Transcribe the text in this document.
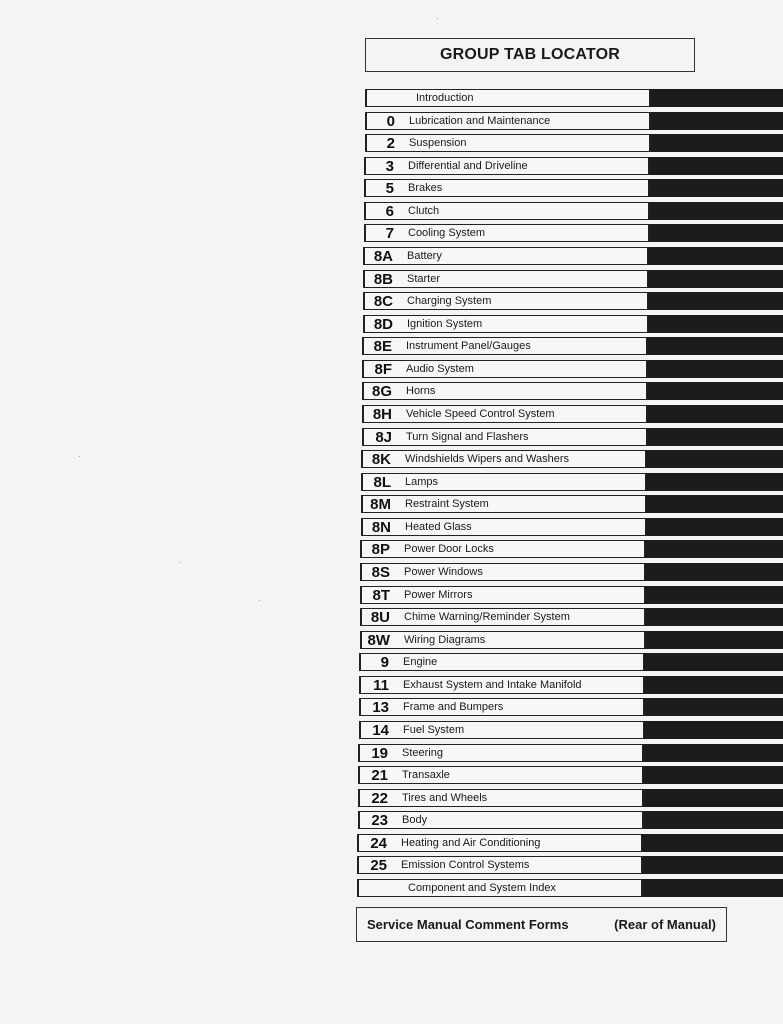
GROUP TAB LOCATOR
Introduction
0	Lubrication and Maintenance
2	Suspension
3	Differential and Driveline
5	Brakes
6	Clutch
7	Cooling System
8A	Battery
8B	Starter
8C	Charging System
8D	Ignition System
8E	Instrument Panel/Gauges
8F	Audio System
8G	Horns
8H	Vehicle Speed Control System
8J	Turn Signal and Flashers
8K	Windshields Wipers and Washers
8L	Lamps
8M	Restraint System
8N	Heated Glass
8P	Power Door Locks
8S	Power Windows
8T	Power Mirrors
8U	Chime Warning/Reminder System
8W	Wiring Diagrams
9	Engine
11	Exhaust System and Intake Manifold
13	Frame and Bumpers
14	Fuel System
19	Steering
21	Transaxle
22	Tires and Wheels
23	Body
24	Heating and Air Conditioning
25	Emission Control Systems
Component and System Index
Service Manual Comment Forms	(Rear of Manual)
·
·
·
·
